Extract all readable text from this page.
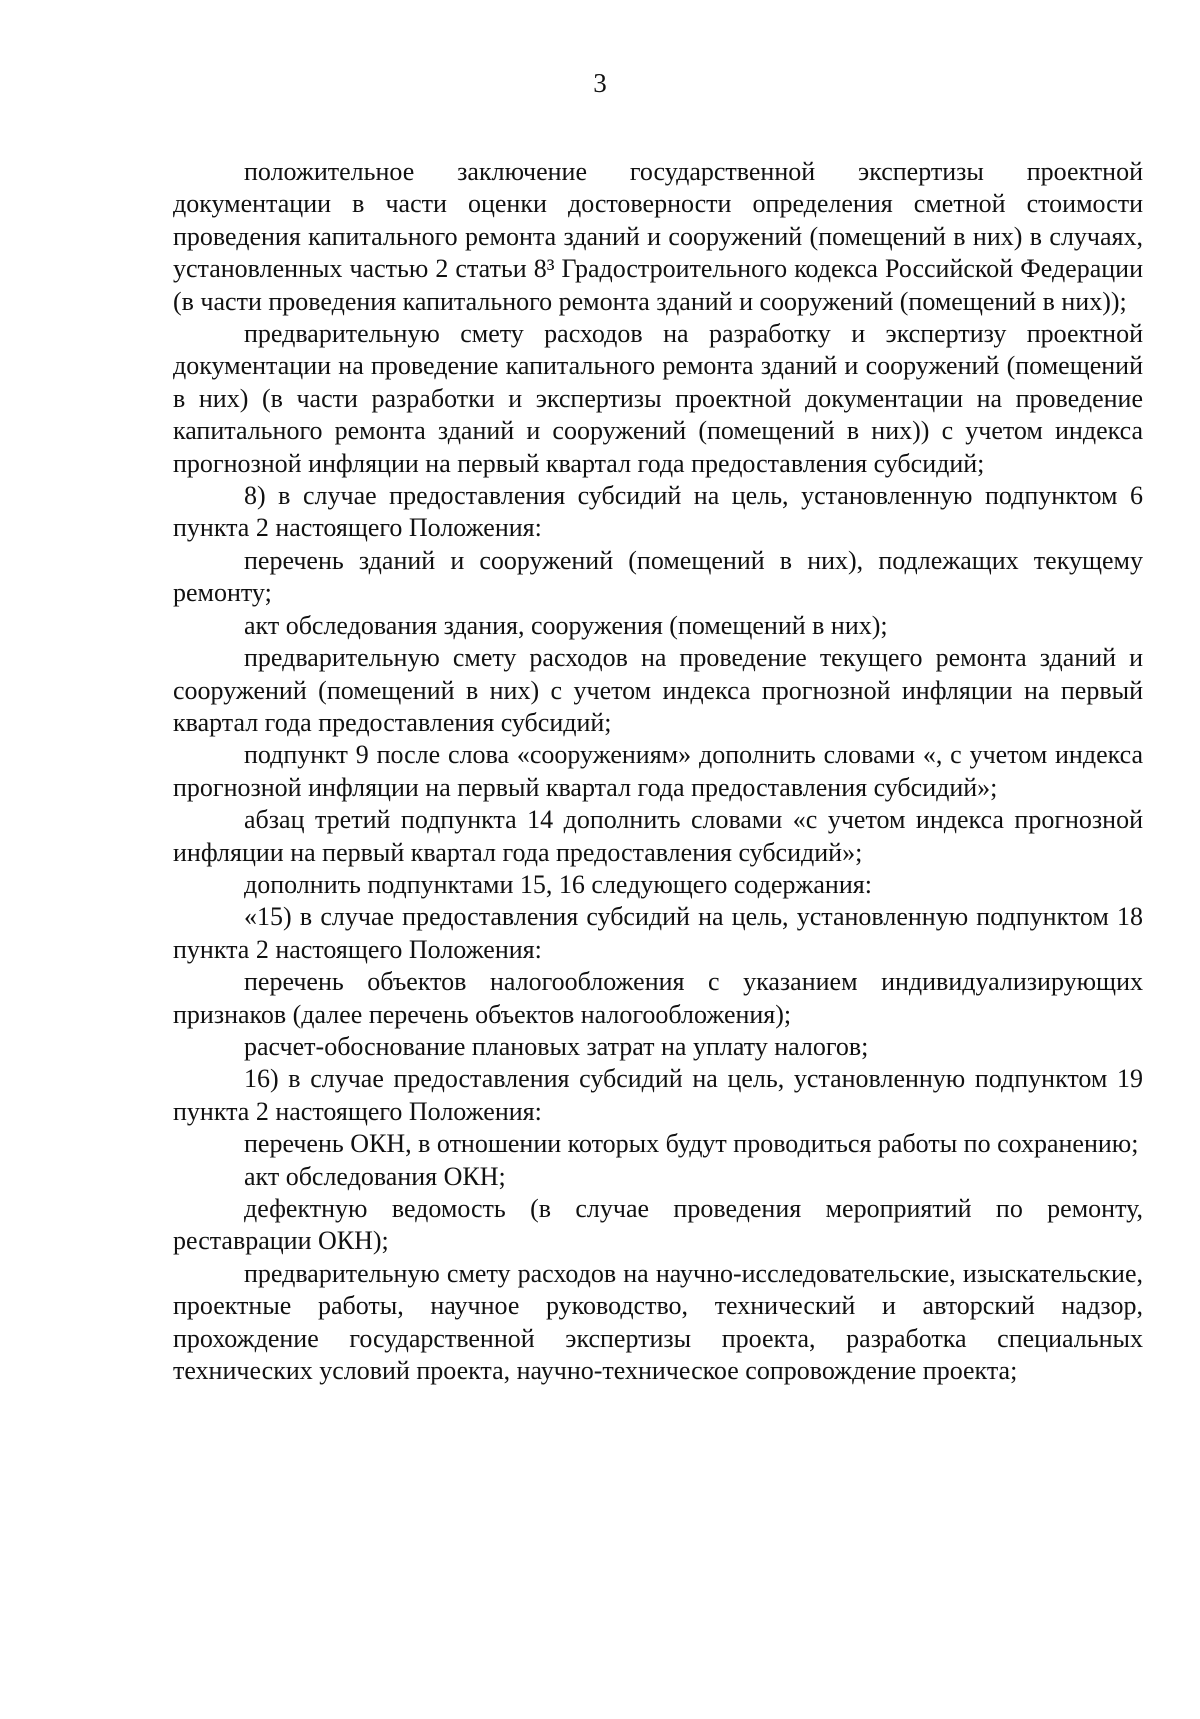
3

положительное заключение государственной экспертизы проектной документации в части оценки достоверности определения сметной стоимости проведения капитального ремонта зданий и сооружений (помещений в них) в случаях, установленных частью 2 статьи 8³ Градостроительного кодекса Российской Федерации (в части проведения капитального ремонта зданий и сооружений (помещений в них));

предварительную смету расходов на разработку и экспертизу проектной документации на проведение капитального ремонта зданий и сооружений (помещений в них) (в части разработки и экспертизы проектной документации на проведение капитального ремонта зданий и сооружений (помещений в них)) с учетом индекса прогнозной инфляции на первый квартал года предоставления субсидий;

8) в случае предоставления субсидий на цель, установленную подпунктом 6 пункта 2 настоящего Положения:

перечень зданий и сооружений (помещений в них), подлежащих текущему ремонту;

акт обследования здания, сооружения (помещений в них);

предварительную смету расходов на проведение текущего ремонта зданий и сооружений (помещений в них) с учетом индекса прогнозной инфляции на первый квартал года предоставления субсидий;

подпункт 9 после слова «сооружениям» дополнить словами «, с учетом индекса прогнозной инфляции на первый квартал года предоставления субсидий»;

абзац третий подпункта 14 дополнить словами «с учетом индекса прогнозной инфляции на первый квартал года предоставления субсидий»;

дополнить подпунктами 15, 16 следующего содержания:

«15) в случае предоставления субсидий на цель, установленную подпунктом 18 пункта 2 настоящего Положения:

перечень объектов налогообложения с указанием индивидуализирующих признаков (далее перечень объектов налогообложения);

расчет-обоснование плановых затрат на уплату налогов;

16) в случае предоставления субсидий на цель, установленную подпунктом 19 пункта 2 настоящего Положения:

перечень ОКН, в отношении которых будут проводиться работы по сохранению;

акт обследования ОКН;

дефектную ведомость (в случае проведения мероприятий по ремонту, реставрации ОКН);

предварительную смету расходов на научно-исследовательские, изыскательские, проектные работы, научное руководство, технический и авторский надзор, прохождение государственной экспертизы проекта, разработка специальных технических условий проекта, научно-техническое сопровождение проекта;
